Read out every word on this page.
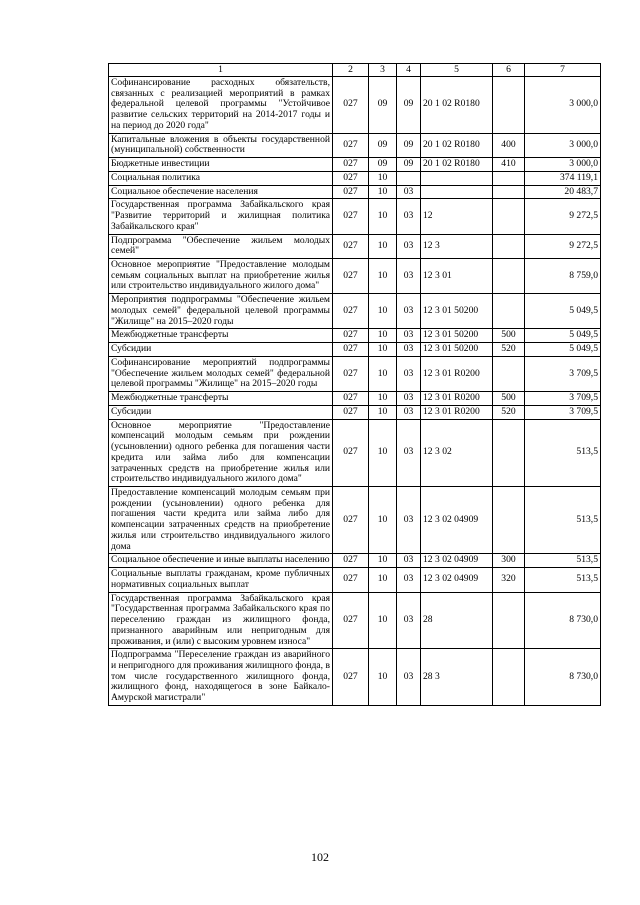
1	2	3	4	5	6	7
Софинансирование расходных обязательств, связанных с реализацией мероприятий в рамках федеральной целевой программы "Устойчивое развитие сельских территорий на 2014-2017 годы и на период до 2020 года"	027	09	09	20 1 02 R0180		3 000,0
Капитальные вложения в объекты государственной (муниципальной) собственности	027	09	09	20 1 02 R0180	400	3 000,0
Бюджетные инвестиции	027	09	09	20 1 02 R0180	410	3 000,0
Социальная политика	027	10				374 119,1
Социальное обеспечение населения	027	10	03			20 483,7
Государственная программа Забайкальского края "Развитие территорий и жилищная политика Забайкальского края"	027	10	03	12		9 272,5
Подпрограмма "Обеспечение жильем молодых семей"	027	10	03	12 3		9 272,5
Основное мероприятие "Предоставление молодым семьям социальных выплат на приобретение жилья или строительство индивидуального жилого дома"	027	10	03	12 3 01		8 759,0
Мероприятия подпрограммы "Обеспечение жильем молодых семей" федеральной целевой программы "Жилище" на 2015–2020 годы	027	10	03	12 3 01 50200		5 049,5
Межбюджетные трансферты	027	10	03	12 3 01 50200	500	5 049,5
Субсидии	027	10	03	12 3 01 50200	520	5 049,5
Софинансирование мероприятий подпрограммы "Обеспечение жильем молодых семей" федеральной целевой программы "Жилище" на 2015–2020 годы	027	10	03	12 3 01 R0200		3 709,5
Межбюджетные трансферты	027	10	03	12 3 01 R0200	500	3 709,5
Субсидии	027	10	03	12 3 01 R0200	520	3 709,5
Основное мероприятие "Предоставление компенсаций молодым семьям при рождении (усыновлении) одного ребенка для погашения части кредита или займа либо для компенсации затраченных средств на приобретение жилья или строительство индивидуального жилого дома"	027	10	03	12 3 02		513,5
Предоставление компенсаций молодым семьям при рождении (усыновлении) одного ребенка для погашения части кредита или займа либо для компенсации затраченных средств на приобретение жилья или строительство индивидуального жилого дома	027	10	03	12 3 02 04909		513,5
Социальное обеспечение и иные выплаты населению	027	10	03	12 3 02 04909	300	513,5
Социальные выплаты гражданам, кроме публичных нормативных социальных выплат	027	10	03	12 3 02 04909	320	513,5
Государственная программа Забайкальского края "Государственная программа Забайкальского края по переселению граждан из жилищного фонда, признанного аварийным или непригодным для проживания, и (или) с высоким уровнем износа"	027	10	03	28		8 730,0
Подпрограмма "Переселение граждан из аварийного и непригодного для проживания жилищного фонда, в том числе государственного жилищного фонда, жилищного фонд, находящегося в зоне Байкало-Амурской магистрали"	027	10	03	28 3		8 730,0
102
